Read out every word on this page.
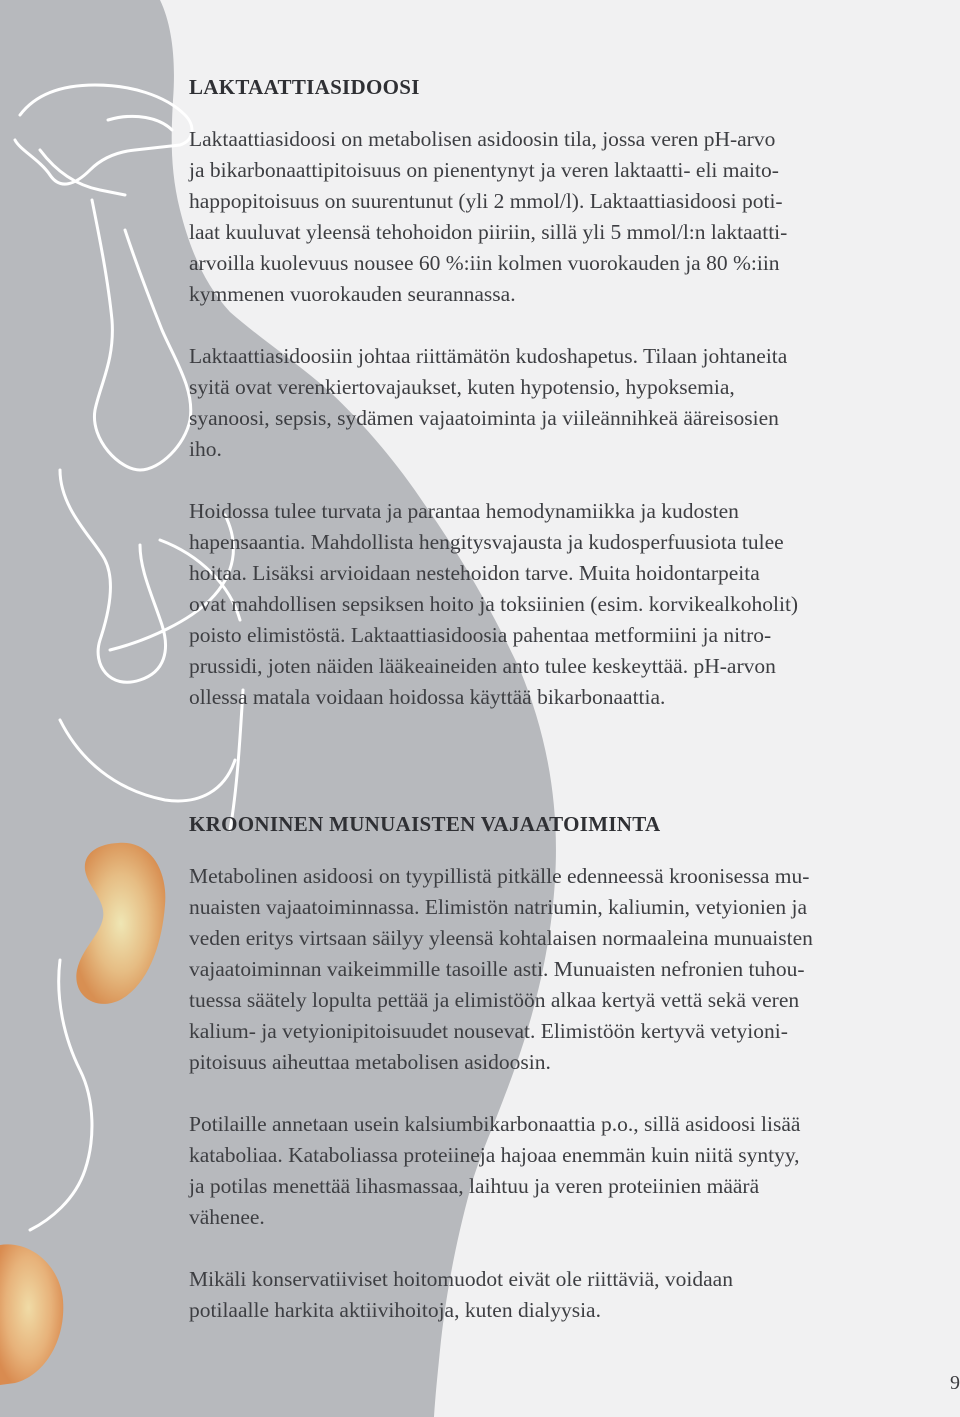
LAKTAATTIASIDOOSI

Laktaattiasidoosi on metabolisen asidoosin tila, jossa veren pH-arvo
ja bikarbonaattipitoisuus on pienentynyt ja veren laktaatti- eli maito-
happopitoisuus on suurentunut (yli 2 mmol/l). Laktaattiasidoosi poti-
laat kuuluvat yleensä tehohoidon piiriin, sillä yli 5 mmol/l:n laktaatti-
arvoilla kuolevuus nousee 60 %:iin kolmen vuorokauden ja 80 %:iin
kymmenen vuorokauden seurannassa.

Laktaattiasidoosiin johtaa riittämätön kudoshapetus. Tilaan johtaneita
syitä ovat verenkiertovajaukset, kuten hypotensio, hypoksemia,
syanoosi, sepsis, sydämen vajaatoiminta ja viileännihkeä ääreisosien
iho.

Hoidossa tulee turvata ja parantaa hemodynamiikka ja kudosten
hapensaantia. Mahdollista hengitysvajausta ja kudosperfuusiota tulee
hoitaa. Lisäksi arvioidaan nestehoidon tarve. Muita hoidontarpeita
ovat mahdollisen sepsiksen hoito ja toksiinien (esim. korvikealkoholit)
poisto elimistöstä. Laktaattiasidoosia pahentaa metformiini ja nitro-
prussidi, joten näiden lääkeaineiden anto tulee keskeyttää. pH-arvon
ollessa matala voidaan hoidossa käyttää bikarbonaattia.

KROONINEN MUNUAISTEN VAJAATOIMINTA

Metabolinen asidoosi on tyypillistä pitkälle edenneessä kroonisessa mu-
nuaisten vajaatoiminnassa. Elimistön natriumin, kaliumin, vetyionien ja
veden eritys virtsaan säilyy yleensä kohtalaisen normaaleina munuaisten
vajaatoiminnan vaikeimmille tasoille asti. Munuaisten nefronien tuhou-
tuessa säätely lopulta pettää ja elimistöön alkaa kertyä vettä sekä veren
kalium- ja vetyionipitoisuudet nousevat. Elimistöön kertyvä vetyioni-
pitoisuus aiheuttaa metabolisen asidoosin.

Potilaille annetaan usein kalsiumbikarbonaattia p.o., sillä asidoosi lisää
kataboliaa. Kataboliassa proteiineja hajoaa enemmän kuin niitä syntyy,
ja potilas menettää lihasmassaa, laihtuu ja veren proteiinien määrä
vähenee.

Mikäli konservatiiviset hoitomuodot eivät ole riittäviä, voidaan
potilaalle harkita aktiivihoitoja, kuten dialyysia.

9
